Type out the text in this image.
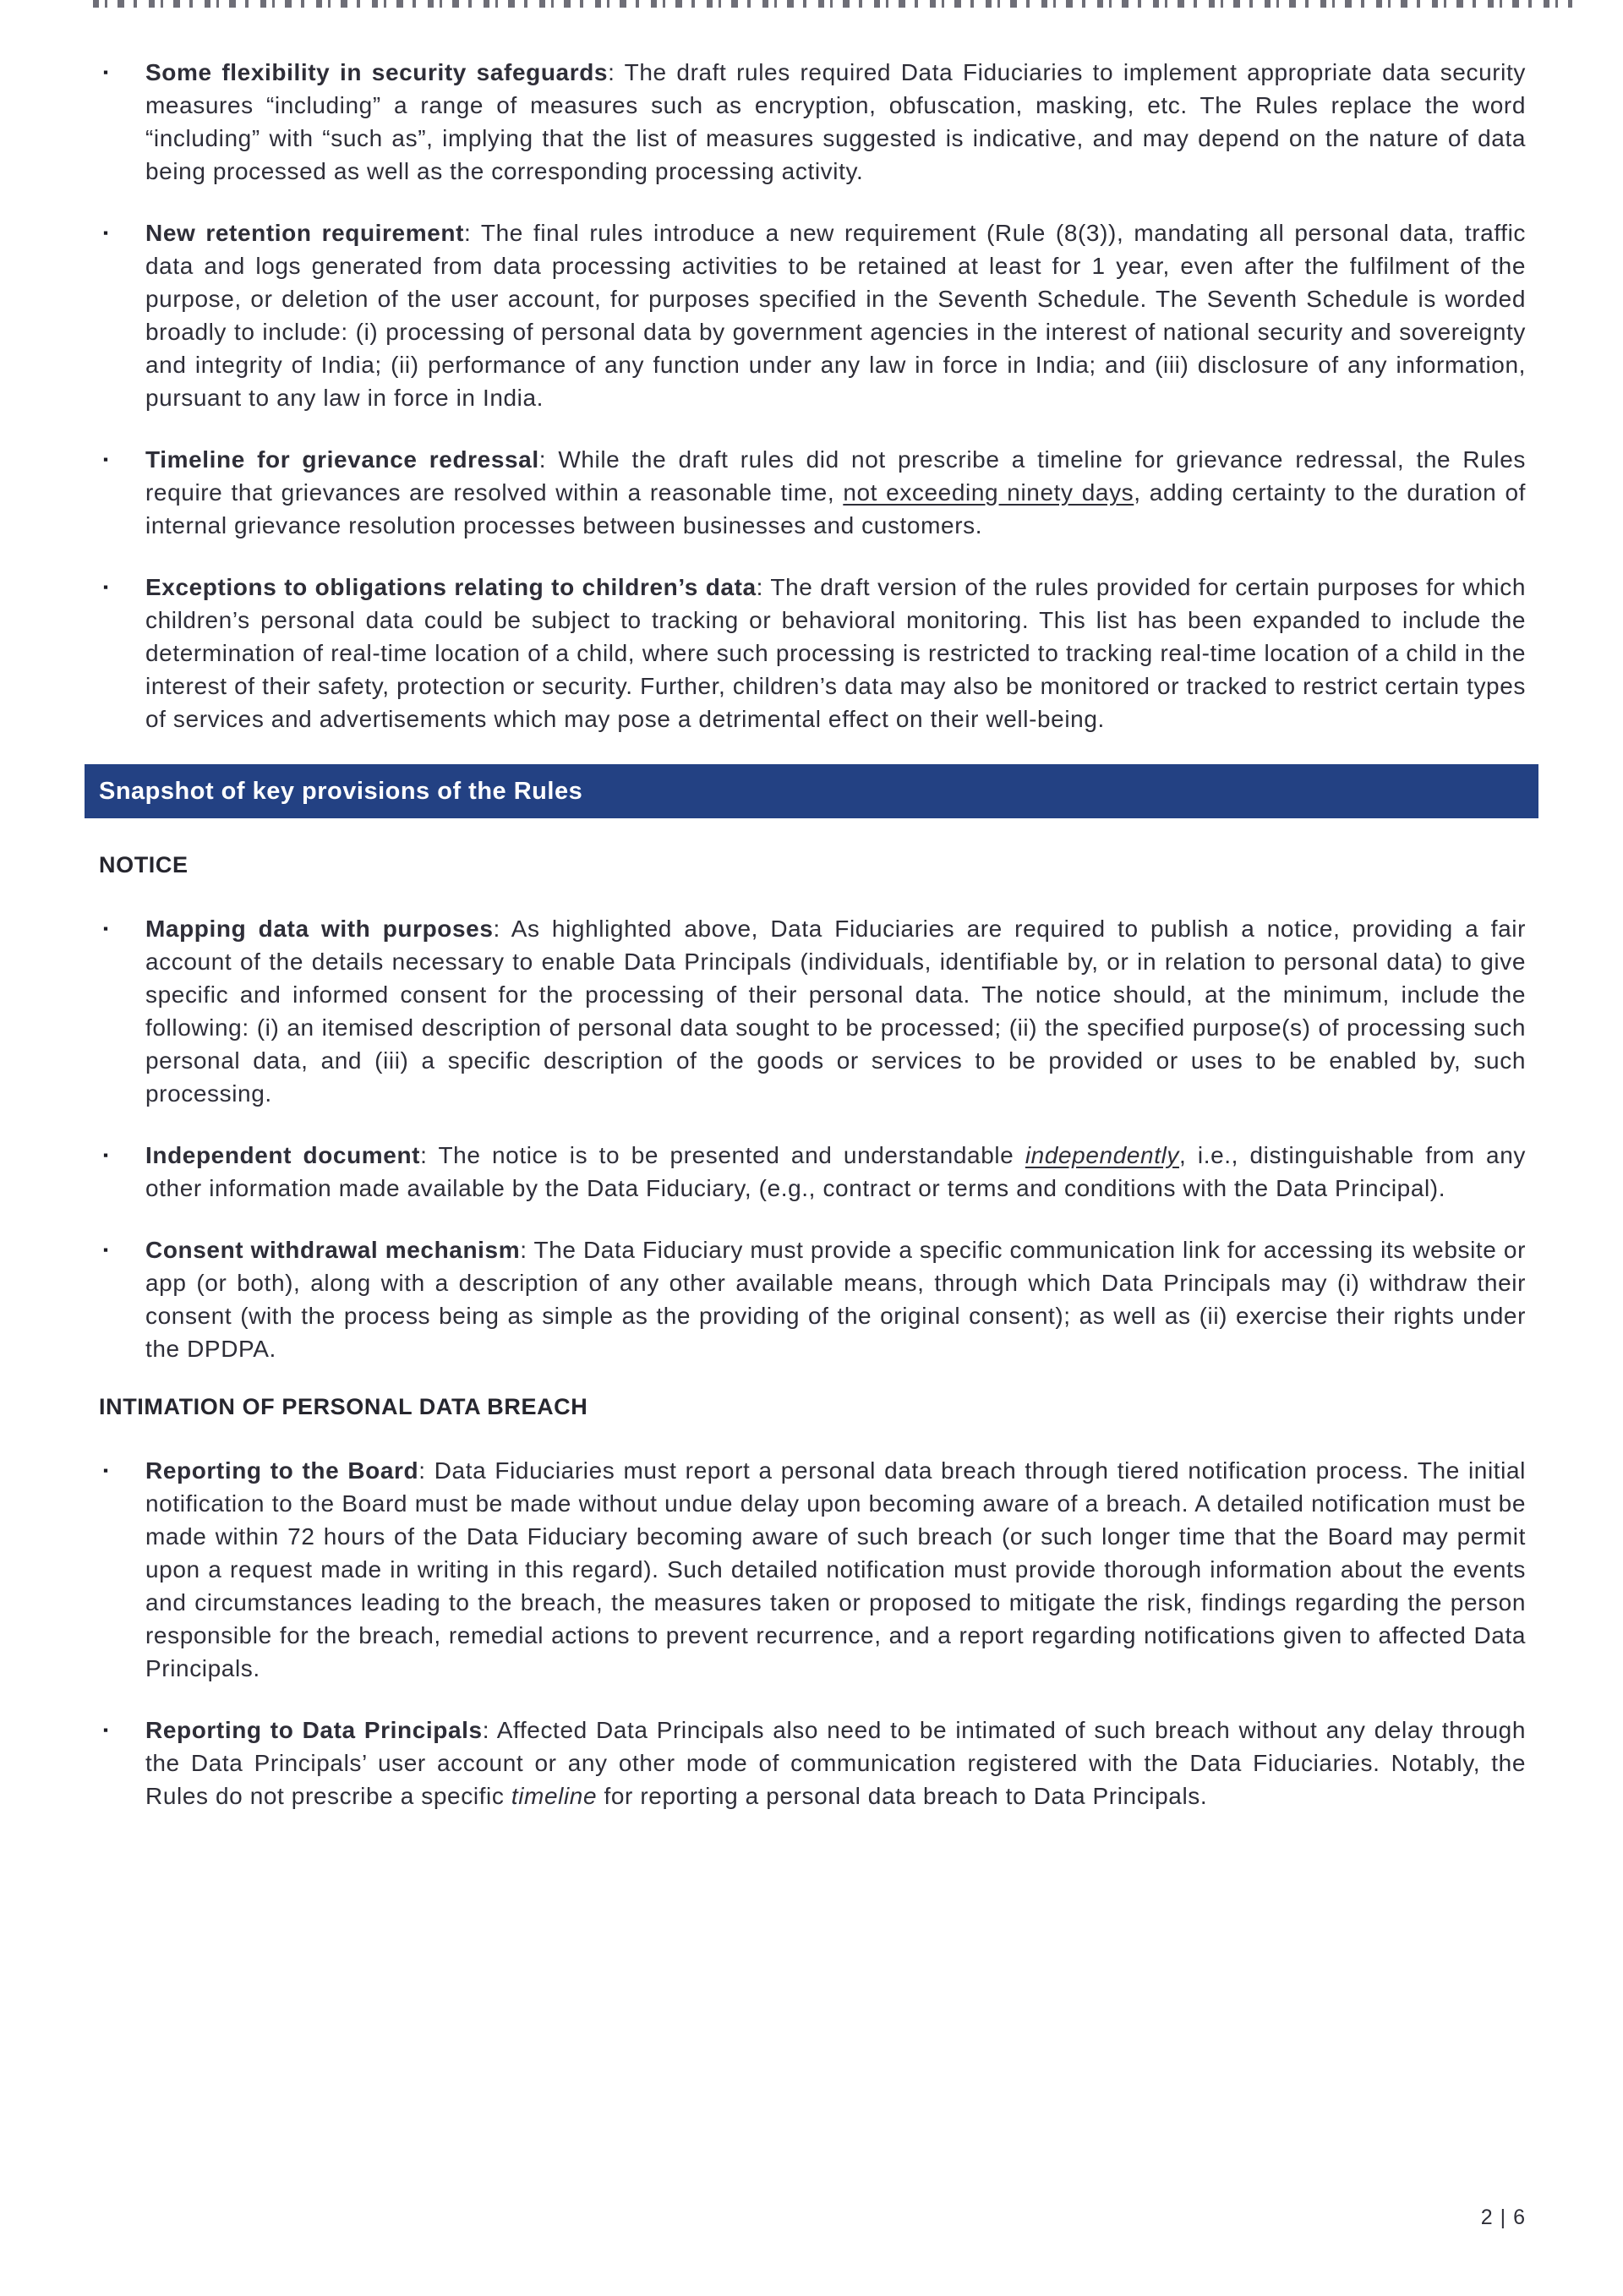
▪	Some flexibility in security safeguards: The draft rules required Data Fiduciaries to implement appropriate data security measures “including” a range of measures such as encryption, obfuscation, masking, etc. The Rules replace the word “including” with “such as”, implying that the list of measures suggested is indicative, and may depend on the nature of data being processed as well as the corresponding processing activity.
▪	New retention requirement: The final rules introduce a new requirement (Rule (8(3)), mandating all personal data, traffic data and logs generated from data processing activities to be retained at least for 1 year, even after the fulfilment of the purpose, or deletion of the user account, for purposes specified in the Seventh Schedule. The Seventh Schedule is worded broadly to include: (i) processing of personal data by government agencies in the interest of national security and sovereignty and integrity of India; (ii) performance of any function under any law in force in India; and (iii) disclosure of any information, pursuant to any law in force in India.
▪	Timeline for grievance redressal: While the draft rules did not prescribe a timeline for grievance redressal, the Rules require that grievances are resolved within a reasonable time, not exceeding ninety days, adding certainty to the duration of internal grievance resolution processes between businesses and customers.
▪	Exceptions to obligations relating to children’s data: The draft version of the rules provided for certain purposes for which children’s personal data could be subject to tracking or behavioral monitoring. This list has been expanded to include the determination of real-time location of a child, where such processing is restricted to tracking real-time location of a child in the interest of their safety, protection or security. Further, children’s data may also be monitored or tracked to restrict certain types of services and advertisements which may pose a detrimental effect on their well-being.
Snapshot of key provisions of the Rules
NOTICE
▪	Mapping data with purposes: As highlighted above, Data Fiduciaries are required to publish a notice, providing a fair account of the details necessary to enable Data Principals (individuals, identifiable by, or in relation to personal data) to give specific and informed consent for the processing of their personal data. The notice should, at the minimum, include the following: (i) an itemised description of personal data sought to be processed; (ii) the specified purpose(s) of processing such personal data, and (iii) a specific description of the goods or services to be provided or uses to be enabled by, such processing.
▪	Independent document: The notice is to be presented and understandable independently, i.e., distinguishable from any other information made available by the Data Fiduciary, (e.g., contract or terms and conditions with the Data Principal).
▪	Consent withdrawal mechanism: The Data Fiduciary must provide a specific communication link for accessing its website or app (or both), along with a description of any other available means, through which Data Principals may (i) withdraw their consent (with the process being as simple as the providing of the original consent); as well as (ii) exercise their rights under the DPDPA.
INTIMATION OF PERSONAL DATA BREACH
▪	Reporting to the Board: Data Fiduciaries must report a personal data breach through tiered notification process. The initial notification to the Board must be made without undue delay upon becoming aware of a breach. A detailed notification must be made within 72 hours of the Data Fiduciary becoming aware of such breach (or such longer time that the Board may permit upon a request made in writing in this regard). Such detailed notification must provide thorough information about the events and circumstances leading to the breach, the measures taken or proposed to mitigate the risk, findings regarding the person responsible for the breach, remedial actions to prevent recurrence, and a report regarding notifications given to affected Data Principals.
▪	Reporting to Data Principals: Affected Data Principals also need to be intimated of such breach without any delay through the Data Principals’ user account or any other mode of communication registered with the Data Fiduciaries. Notably, the Rules do not prescribe a specific timeline for reporting a personal data breach to Data Principals.
2 | 6
